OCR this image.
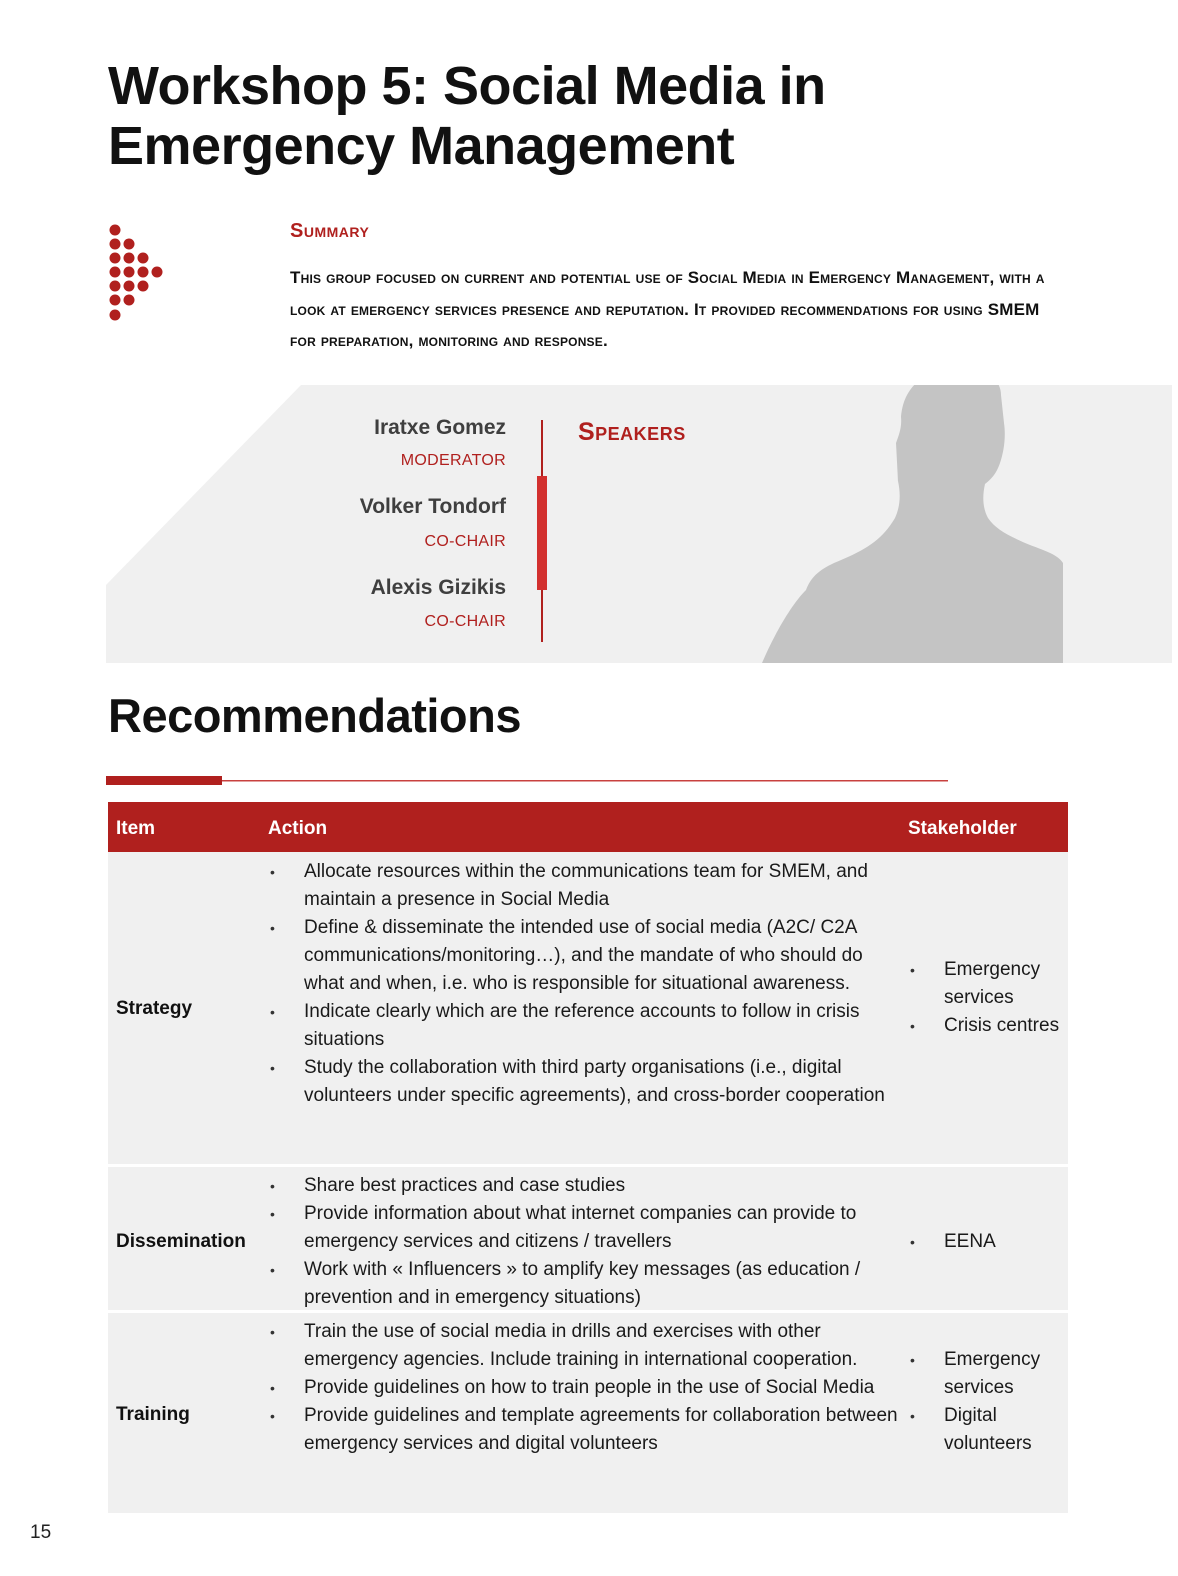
Workshop 5: Social Media in Emergency Management
Summary
This group focused on current and potential use of Social Media in Emergency Management, with a look at emergency services presence and reputation. It provided recommendations for using SMEM for preparation, monitoring and response.
Iratxe Gomez
MODERATOR
Volker Tondorf
CO-CHAIR
Alexis Gizikis
CO-CHAIR
Speakers
Recommendations
Item	Action	Stakeholder
Strategy
• Allocate resources within the communications team for SMEM, and maintain a presence in Social Media
• Define & disseminate the intended use of social media (A2C/ C2A communications/monitoring…), and the mandate of who should do what and when, i.e. who is responsible for situational awareness.
• Indicate clearly which are the reference accounts to follow in crisis situations
• Study the collaboration with third party organisations (i.e., digital volunteers under specific agreements), and cross-border cooperation
• Emergency services
• Crisis centres
Dissemination
• Share best practices and case studies
• Provide information about what internet companies can provide to emergency services and citizens / travellers
• Work with « Influencers » to amplify key messages (as education / prevention and in emergency situations)
• EENA
Training
• Train the use of social media in drills and exercises with other emergency agencies. Include training in international cooperation.
• Provide guidelines on how to train people in the use of Social Media
• Provide guidelines and template agreements for collaboration between emergency services and digital volunteers
• Emergency services
• Digital volunteers
15
